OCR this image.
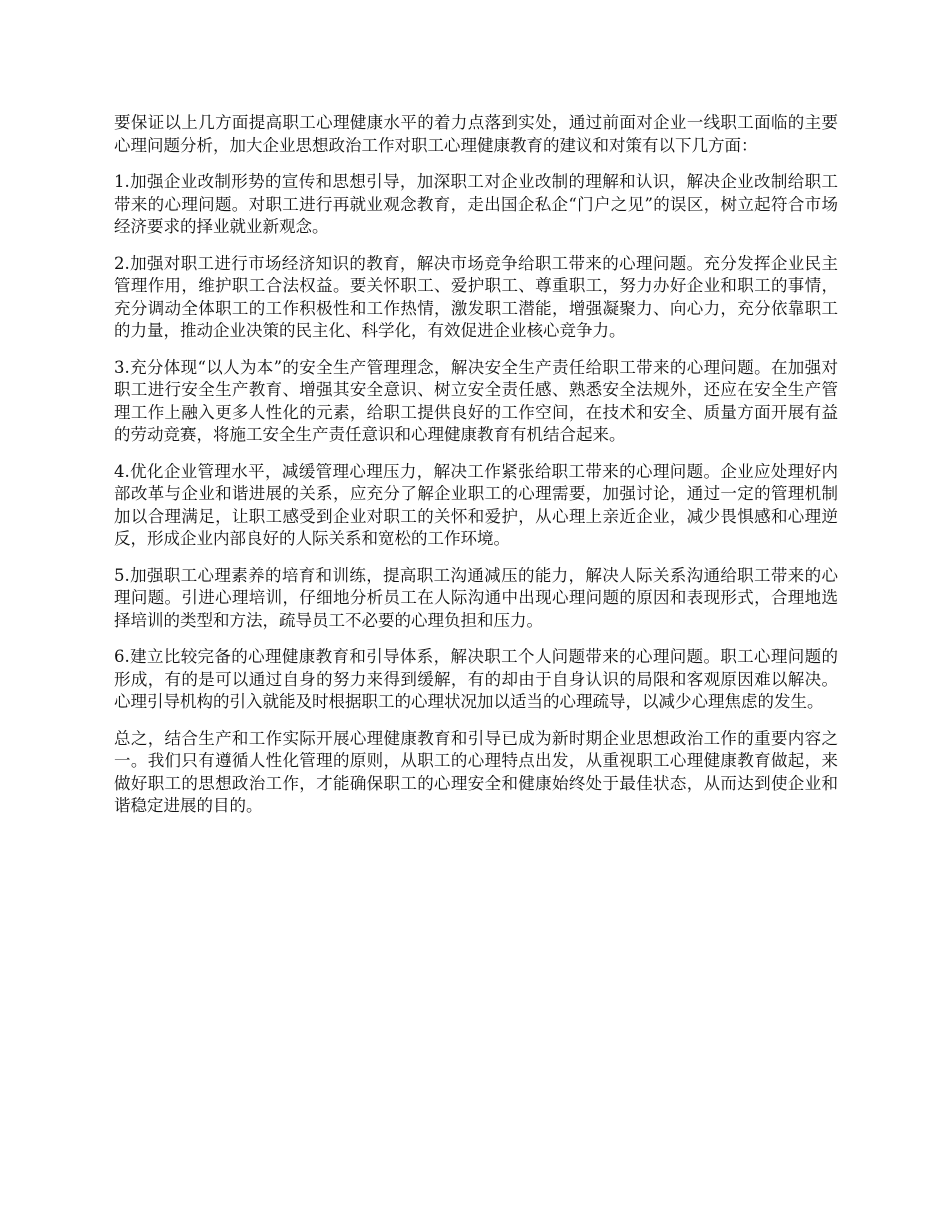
要保证以上几方面提高职工心理健康水平的着力点落到实处，通过前面对企业一线职工面临的主要心理问题分析，加大企业思想政治工作对职工心理健康教育的建议和对策有以下几方面：

1.加强企业改制形势的宣传和思想引导，加深职工对企业改制的理解和认识，解决企业改制给职工带来的心理问题。对职工进行再就业观念教育，走出国企私企“门户之见”的误区，树立起符合市场经济要求的择业就业新观念。

2.加强对职工进行市场经济知识的教育，解决市场竞争给职工带来的心理问题。充分发挥企业民主管理作用，维护职工合法权益。要关怀职工、爱护职工、尊重职工，努力办好企业和职工的事情，充分调动全体职工的工作积极性和工作热情，激发职工潜能，增强凝聚力、向心力，充分依靠职工的力量，推动企业决策的民主化、科学化，有效促进企业核心竞争力。

3.充分体现“以人为本”的安全生产管理理念，解决安全生产责任给职工带来的心理问题。在加强对职工进行安全生产教育、增强其安全意识、树立安全责任感、熟悉安全法规外，还应在安全生产管理工作上融入更多人性化的元素，给职工提供良好的工作空间，在技术和安全、质量方面开展有益的劳动竞赛，将施工安全生产责任意识和心理健康教育有机结合起来。

4.优化企业管理水平，减缓管理心理压力，解决工作紧张给职工带来的心理问题。企业应处理好内部改革与企业和谐进展的关系，应充分了解企业职工的心理需要，加强讨论，通过一定的管理机制加以合理满足，让职工感受到企业对职工的关怀和爱护，从心理上亲近企业，减少畏惧感和心理逆反，形成企业内部良好的人际关系和宽松的工作环境。

5.加强职工心理素养的培育和训练，提高职工沟通减压的能力，解决人际关系沟通给职工带来的心理问题。引进心理培训，仔细地分析员工在人际沟通中出现心理问题的原因和表现形式，合理地选择培训的类型和方法，疏导员工不必要的心理负担和压力。

6.建立比较完备的心理健康教育和引导体系，解决职工个人问题带来的心理问题。职工心理问题的形成，有的是可以通过自身的努力来得到缓解，有的却由于自身认识的局限和客观原因难以解决。心理引导机构的引入就能及时根据职工的心理状况加以适当的心理疏导，以减少心理焦虑的发生。

总之，结合生产和工作实际开展心理健康教育和引导已成为新时期企业思想政治工作的重要内容之一。我们只有遵循人性化管理的原则，从职工的心理特点出发，从重视职工心理健康教育做起，来做好职工的思想政治工作，才能确保职工的心理安全和健康始终处于最佳状态，从而达到使企业和谐稳定进展的目的。
